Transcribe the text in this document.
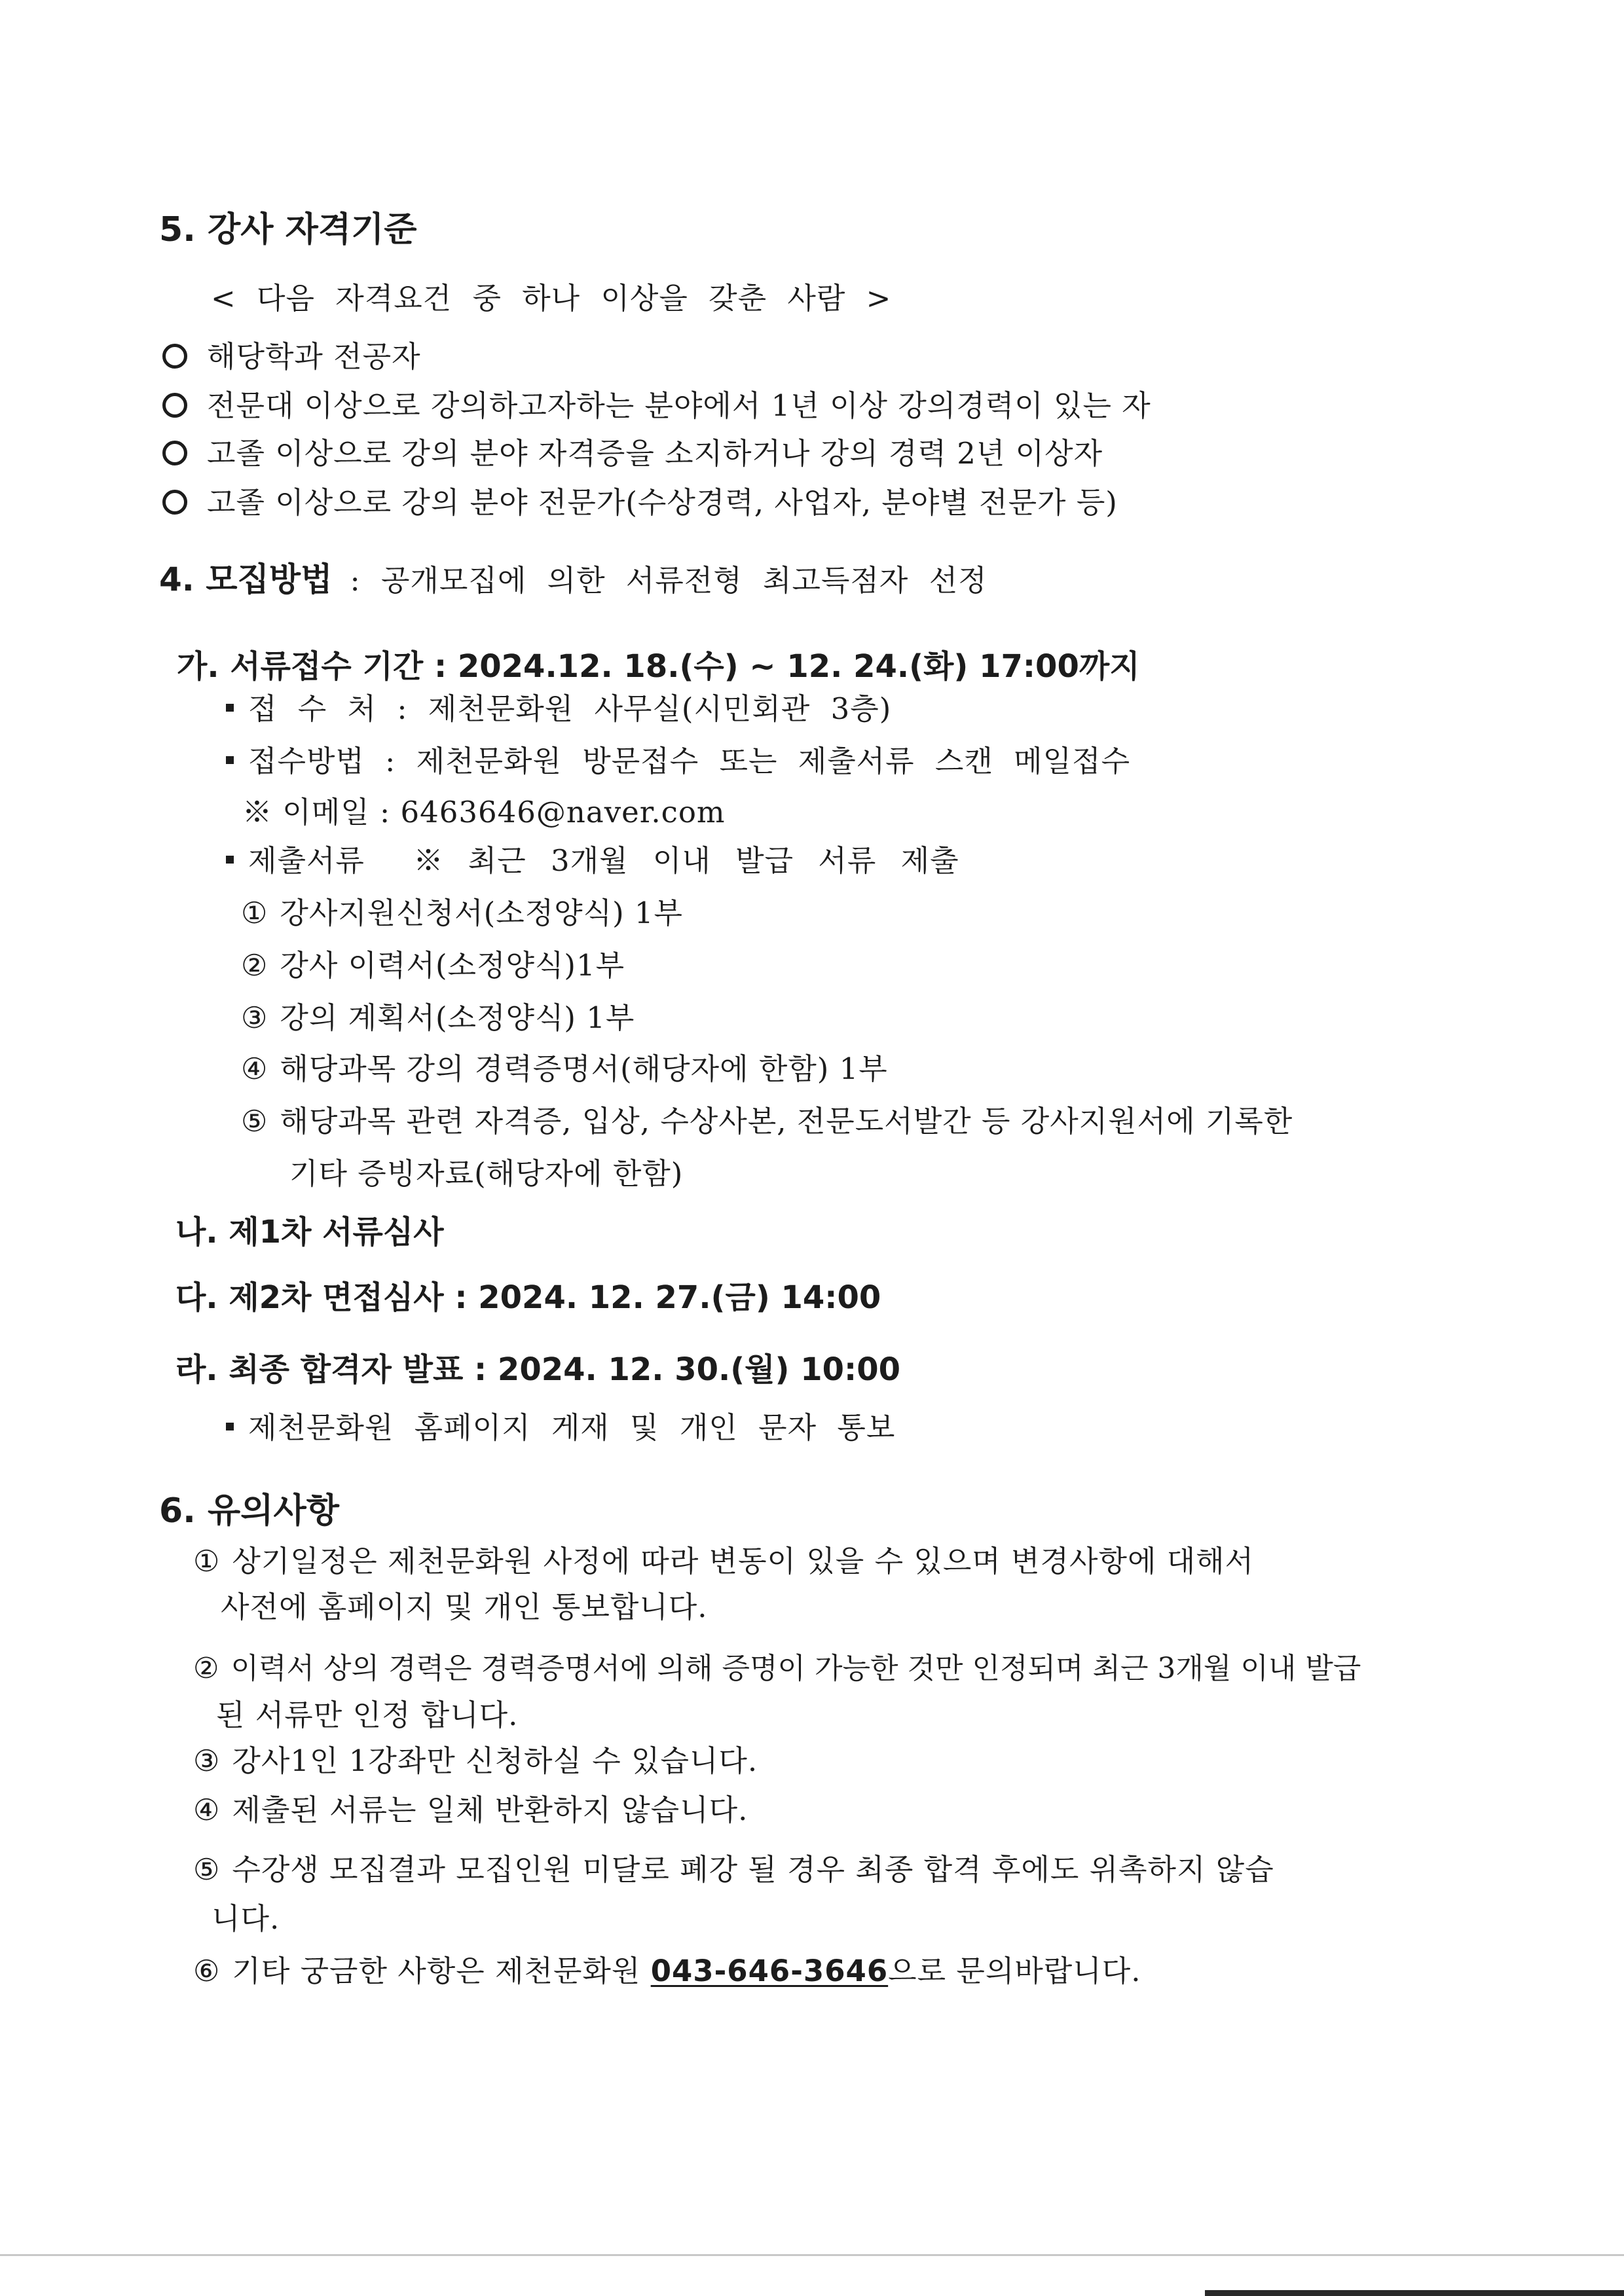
5. 강사 자격기준
< 다음 자격요건 중 하나 이상을 갖춘 사람 >
해당학과 전공자
전문대 이상으로 강의하고자하는 분야에서 1년 이상 강의경력이 있는 자
고졸 이상으로 강의 분야 자격증을 소지하거나 강의 경력 2년 이상자
고졸 이상으로 강의 분야 전문가(수상경력, 사업자, 분야별 전문가 등)
4. 모집방법 : 공개모집에 의한 서류전형 최고득점자 선정
가. 서류접수 기간 : 2024.12. 18.(수) ~ 12. 24.(화) 17:00까지
접 수 처 : 제천문화원 사무실(시민회관 3층)
접수방법 : 제천문화원 방문접수 또는 제출서류 스캔 메일접수
※ 이메일 : 6463646@naver.com
제출서류  ※ 최근 3개월 이내 발급 서류 제출
① 강사지원신청서(소정양식) 1부
② 강사 이력서(소정양식)1부
③ 강의 계획서(소정양식) 1부
④ 해당과목 강의 경력증명서(해당자에 한함) 1부
⑤ 해당과목 관련 자격증, 입상, 수상사본, 전문도서발간 등 강사지원서에 기록한
기타 증빙자료(해당자에 한함)
나. 제1차 서류심사
다. 제2차 면접심사 : 2024. 12. 27.(금) 14:00
라. 최종 합격자 발표 : 2024. 12. 30.(월) 10:00
제천문화원 홈페이지 게재 및 개인 문자 통보
6. 유의사항
① 상기일정은 제천문화원 사정에 따라 변동이 있을 수 있으며 변경사항에 대해서
사전에 홈페이지 및 개인 통보합니다.
② 이력서 상의 경력은 경력증명서에 의해 증명이 가능한 것만 인정되며 최근 3개월 이내 발급
된 서류만 인정 합니다.
③ 강사1인 1강좌만 신청하실 수 있습니다.
④ 제출된 서류는 일체 반환하지 않습니다.
⑤ 수강생 모집결과 모집인원 미달로 폐강 될 경우 최종 합격 후에도 위촉하지 않습
니다.
⑥ 기타 궁금한 사항은 제천문화원 043-646-3646으로 문의바랍니다.
